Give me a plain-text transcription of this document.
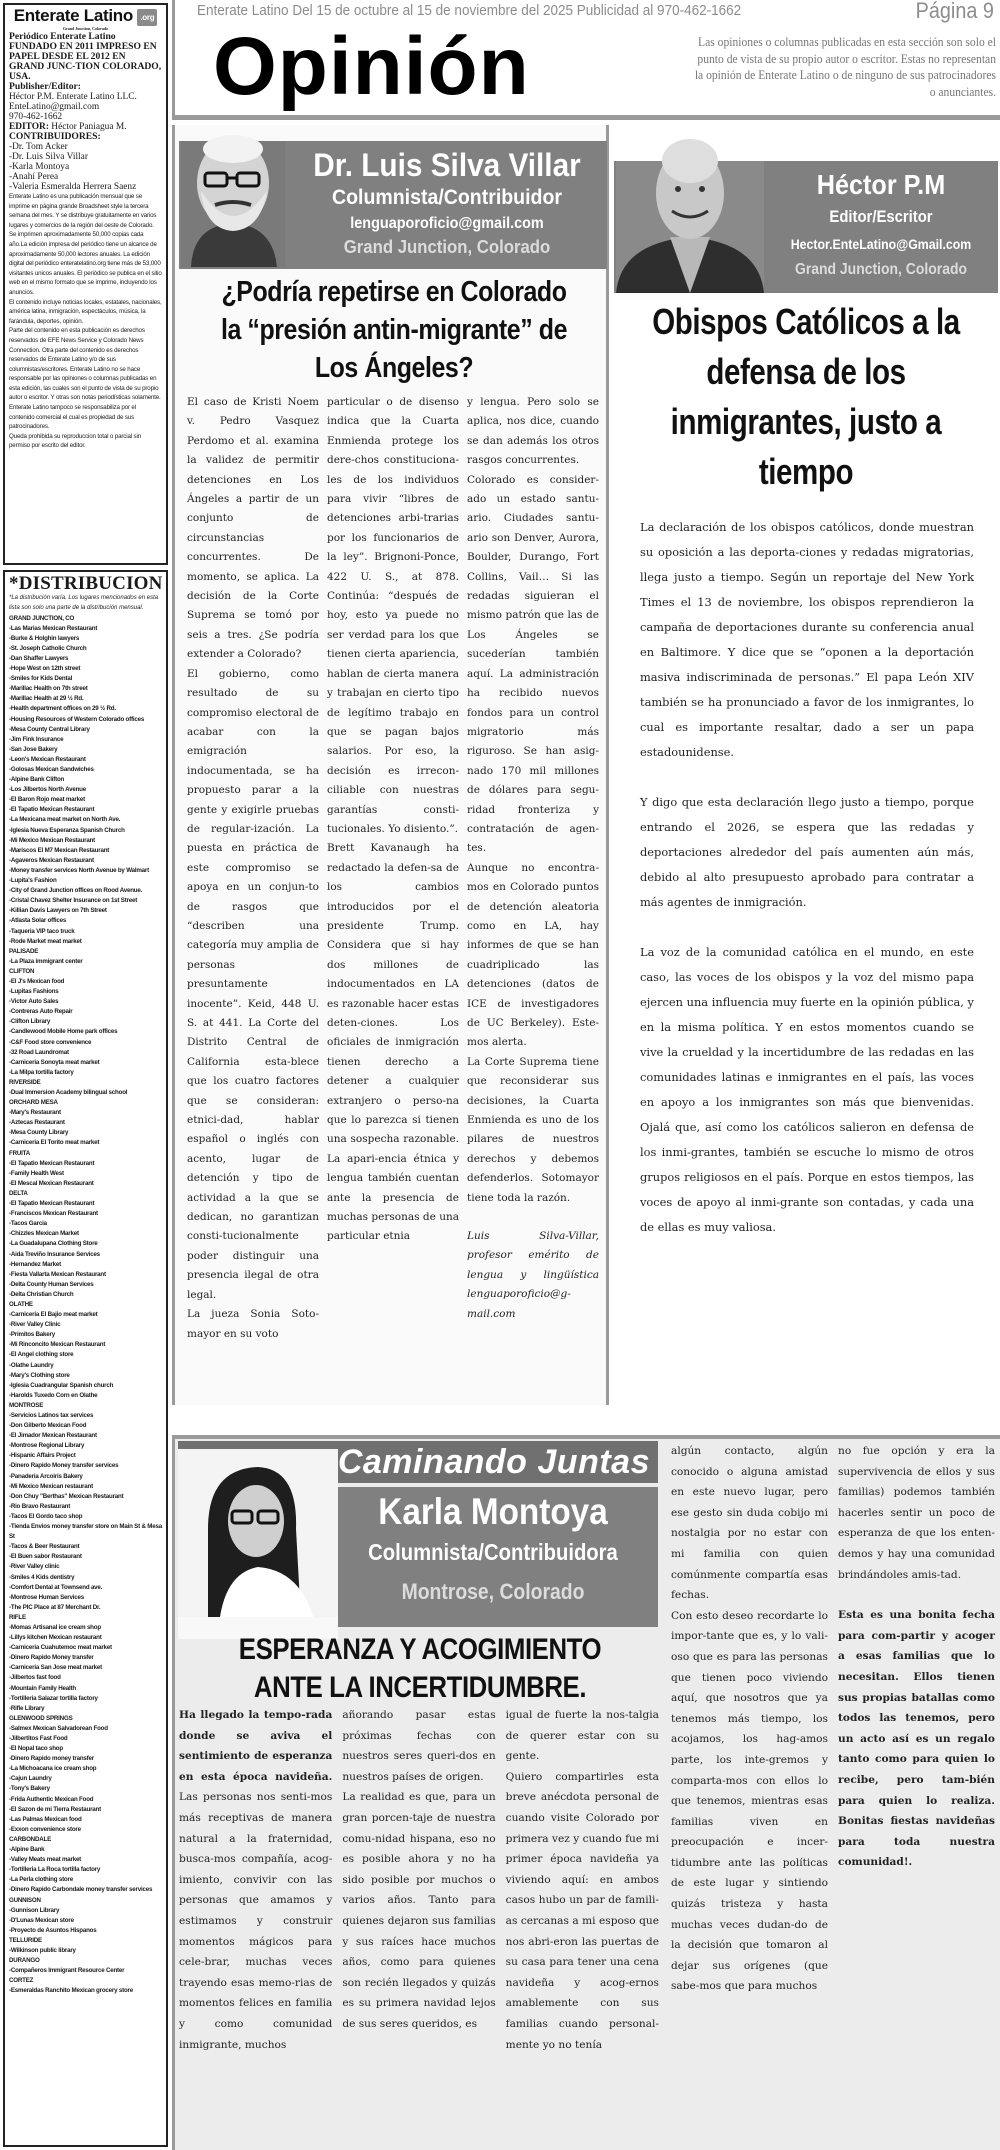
Enterate Latino .org
Grand Junction, Colorado
Periódico Enterate Latino FUNDADO EN 2011 IMPRESO EN PAPEL DESDE EL 2012 EN GRAND JUNC-TION COLORADO, USA.
Publisher/Editor:
Héctor P.M. Enterate Latino LLC.
EnteLatino@gmail.com
970-462-1662
EDITOR: Héctor Paniagua M.
CONTRIBUIDORES:
-Dr. Tom Acker
-Dr. Luis Silva Villar
-Karla Montoya
-Anahí Perea
-Valeria Esmeralda Herrera Saenz
Enterate Latino es una publicación mensual que se imprime en página grande Broadsheet style la tercera semana del mes. Y se distribuye gratuitamente en varios lugares y comercios de la región del oeste de Colorado.
Se imprimen aproximadamente 50,000 copias cada año.La edición impresa del periódico tiene un alcance de aproximadamente 50,000 lectores anuales. La edición digital del periódico enteratelatino.org tiene más de 53,000 visitantes unicos anuales. El periódico se publica en el sitio web en el mismo formato que se imprime, incluyendo los anuncios.
El contenido incluye noticias locales, estatales, nacionales, américa latina, inmigración, espectáculos, música, la farándula, deportes, opinión.
Parte del contenido en esta publicación es derechos reservados de EFE News Service y Colorado News Connection. Otra parte del contenido es derechos reservados de Enterate Latino y/o de sus columnistas/escritores. Enterate Latino no se hace responsable por las opiniones o columnas publicadas en esta edición, las cuales son el punto de vista de su propio autor o escritor. Y otras son notas periodísticas solamente.
Enterate Latino tampoco se responsabiliza por el contenido comercial el cual es propiedad de sus patrocinadores.
Queda prohibida su reproduccion total o parcial sin permiso por escrito del editor.
*DISTRIBUCION
*La distribución varía. Los lugares mencionados en esta lista son solo una parte de la distribución mensual.
GRAND JUNCTION, CO
-Las Marias Mexican Restaurant
-Burke & Holghin lawyers
-St. Joseph Catholic Church
-Dan Shaffer Lawyers
-Hope West on 12th street
-Smiles for Kids Dental
-Marillac Health on 7th street
-Marillac Health at 29 ½ Rd.
-Health department offices on 29 ½ Rd.
-Housing Resources of Western Colorado offices
-Mesa County Central Library
-Jim Fink Insurance
-San Jose Bakery
-Leon's Mexican Restaurant
-Golosas Mexican Sandwiches
-Alpine Bank Clifton
-Los Jilbertos North Avenue
-El Baron Rojo meat market
-El Tapatio Mexican Restaurant
-La Mexicana meat market on North Ave.
-Iglesia Nueva Esperanza Spanish Church
-Mi Mexico Mexican Restaurant
-Mariscos El M7 Mexican Restaurant
-Agaveros Mexican Restaurant
-Money transfer services North Avenue by Walmart
-Lupita's Fashion
-City of Grand Junction offices on Rood Avenue.
-Cristal Chavez Shelter Insurance on 1st Street
-Killian Davis Lawyers on 7th Street
-Atlasta Solar offices
-Taqueria VIP taco truck
-Rode Market meat market
PALISADE
-La Plaza immigrant center
CLIFTON
-El J's Mexican food
-Lupitas Fashions
-Victor Auto Sales
-Contreras Auto Repair
-Clifton Library
-Candlewood Mobile Home park offices
-C&F Food store convenience
-32 Road Laundromat
-Carniceria Sonoyta meat market
-La Milpa tortilla factory
RIVERSIDE
-Dual Immersion Academy bilingual school
ORCHARD MESA
-Mary's Restaurant
-Aztecas Restaurant
-Mesa County Library
-Carniceria El Torito meat market
FRUITA
-El Tapatio Mexican Restaurant
-Family Health West
-El Mescal Mexican Restaurant
DELTA
-El Tapatio Mexican Restaurant
-Franciscos Mexican Restaurant
-Tacos Garcia
-Chizzles Mexican Market
-La Guadalupana Clothing Store
-Aida Treviño Insurance Services
-Hernandez Market
-Fiesta Vallarta Mexican Restaurant
-Delta County Human Services
-Delta Christian Church
OLATHE
-Carniceria El Bajio meat market
-River Valley Clinic
-Primitos Bakery
-Mi Rinconcito Mexican Restaurant
-El Angel clothing store
-Olathe Laundry
-Mary's Clothing store
-Iglesia Cuadrangular Spanish church
-Harolds Tuxedo Corn en Olathe
MONTROSE
-Servicios Latinos tax services
-Don Gilberto Mexican Food
-El Jimador Mexican Restaurant
-Montrose Regional Library
-Hispanic Affairs Project
-Dinero Rapido Money transfer services
-Panaderia Arcoiris Bakery
-Mi Mexico Mexican restaurant
-Don Chuy "Berthas" Mexican Restaurant
-Rio Bravo Restaurant
-Tacos El Gordo taco shop
-Tienda Envios money transfer store on Main St & Mesa St
-Tacos & Beer Restaurant
-El Buen sabor Restaurant
-River Valley clinic
-Smiles 4 Kids dentistry
-Comfort Dental at Townsend ave.
-Montrose Human Services
-The PIC Place at 87 Merchant Dr.
RIFLE
-Momas Artisanal ice cream shop
-Lillys kitchen Mexican restaurant
-Carniceria Cuahutemoc meat market
-Dinero Rapido Money transfer
-Carniceria San Jose meat market
-Jilbertos fast food
-Mountain Family Health
-Tortilleria Salazar tortilla factory
-Rifle Library
GLENWOOD SPRINGS
-Salmex Mexican Salvadorean Food
-Jilbertitos Fast Food
-El Nopal taco shop
-Dinero Rapido money transfer
-La Michoacana ice cream shop
-Cajun Laundry
-Tony's Bakery
-Frida Authentic Mexican Food
-El Sazon de mi Tierra Restaurant
-Las Palmas Mexican food
-Exxon convenience store
CARBONDALE
-Alpine Bank
-Valley Meats meat market
-Tortilleria La Roca tortilla factory
-La Perla clothing store
-Dinero Rapido Carbondale money transfer services
GUNNISON
-Gunnison Library
-D'Lunas Mexican store
-Proyecto de Asuntos Hispanos
TELLURIDE
-Wilkinson public library
DURANGO
-Compañeros Immigrant Resource Center
CORTEZ
-Esmeraldas Ranchito Mexican grocery store
Enterate Latino Del 15 de octubre al 15 de noviembre del 2025 Publicidad al 970-462-1662	Página 9
Opinión	Las opiniones o columnas publicadas en esta sección son solo el punto de vista de su propio autor o escritor. Estas no representan la opinión de Enterate Latino o de ninguno de sus patrocinadores o anunciantes.
Dr. Luis Silva Villar
Columnista/Contribuidor
lenguaporoficio@gmail.com
Grand Junction, Colorado
¿Podría repetirse en Colorado la “presión antin-migrante” de Los Ángeles?

El caso de Kristi Noem v. Pedro Vasquez Perdomo et al. examina la validez de permitir detenciones en Los Ángeles a partir de un conjunto de circunstancias concurrentes. De momento, se aplica. La decisión de la Corte Suprema se tomó por seis a tres. ¿Se podría extender a Colorado?

El gobierno, como resultado de su compromiso electoral de acabar con la emigración indocumentada, se ha propuesto parar a la gente y exigirle pruebas de regular-ización. La puesta en práctica de este compromiso se apoya en un conjun-to de rasgos que “describen una categoría muy amplia de personas presuntamente inocente”. Keid, 448 U. S. at 441. La Corte del Distrito Central de California esta-blece que los cuatro factores que se consideran: etnici-dad, hablar español o inglés con acento, lugar de detención y tipo de actividad a la que se dedican, no garantizan consti-tucionalmente poder distinguir una presencia ilegal de otra legal.

La jueza Sonia Soto-mayor en su voto

particular o de disenso indica que la Cuarta Enmienda protege los dere-chos constituciona-les de los individuos para vivir “libres de detenciones arbi-trarias por los funcionarios de la ley”. Brignoni-Ponce, 422 U. S., at 878. Continúa: “después de hoy, esto ya puede no ser verdad para los que tienen cierta apariencia, hablan de cierta manera y trabajan en cierto tipo de legítimo trabajo en que se pagan bajos salarios. Por eso, la decisión es irrecon-ciliable con nuestras garantías consti-tucionales. Yo disiento.”.

Brett Kavanaugh ha redactado la defen-sa de los cambios introducidos por el presidente Trump. Considera que si hay dos millones de indocumentados en LA es razonable hacer estas deten-ciones. Los oficiales de inmigración tienen derecho a detener a cualquier extranjero o perso-na que lo parezca si tienen una sospecha razonable. La apari-encia étnica y lengua también cuentan ante la presencia de muchas personas de una particular etnia

y lengua. Pero solo se aplica, nos dice, cuando se dan además los otros rasgos concurrentes.

Colorado es consider-ado un estado santu-ario. Ciudades santu-ario son Denver, Aurora, Boulder, Durango, Fort Collins, Vail… Si las redadas siguieran el mismo patrón que las de Los Ángeles se sucederían también aquí. La administración ha recibido nuevos fondos para un control migratorio más riguroso. Se han asig-nado 170 mil millones de dólares para segu-ridad fronteriza y contratación de agen-tes.

Aunque no encontra-mos en Colorado puntos de detención aleatoria como en LA, hay informes de que se han cuadriplicado las detenciones (datos de ICE de investigadores de UC Berkeley). Este-mos alerta.

La Corte Suprema tiene que reconsiderar sus decisiones, la Cuarta Enmienda es uno de los pilares de nuestros derechos y debemos defenderlos. Sotomayor tiene toda la razón.

Luis Silva-Villar, profesor emérito de lengua y lingüística lenguaporoficio@g-mail.com

Héctor P.M
Editor/Escritor
Hector.EnteLatino@Gmail.com
Grand Junction, Colorado
Obispos Católicos a la defensa de los inmigrantes, justo a tiempo

La declaración de los obispos católicos, donde muestran su oposición a las deporta-ciones y redadas migratorias, llega justo a tiempo. Según un reportaje del New York Times el 13 de noviembre, los obispos reprendieron la campaña de deportaciones durante su conferencia anual en Baltimore. Y dice que se “oponen a la deportación masiva indiscriminada de personas.” El papa León XIV también se ha pronunciado a favor de los inmigrantes, lo cual es importante resaltar, dado a ser un papa estadounidense.

Y digo que esta declaración llego justo a tiempo, porque entrando el 2026, se espera que las redadas y deportaciones alrededor del país aumenten aún más, debido al alto presupuesto aprobado para contratar a más agentes de inmigración.

La voz de la comunidad católica en el mundo, en este caso, las voces de los obispos y la voz del mismo papa ejercen una influencia muy fuerte en la opinión pública, y en la misma política. Y en estos momentos cuando se vive la crueldad y la incertidumbre de las redadas en las comunidades latinas e inmigrantes en el país, las voces en apoyo a los inmigrantes son más que bienvenidas. Ojalá que, así como los católicos salieron en defensa de los inmi-grantes, también se escuche lo mismo de otros grupos religiosos en el país. Porque en estos tiempos, las voces de apoyo al inmi-grante son contadas, y cada una de ellas es muy valiosa.

Caminando Juntas
Karla Montoya
Columnista/Contribuidora
Montrose, Colorado
ESPERANZA Y ACOGIMIENTO ANTE LA INCERTIDUMBRE.

Ha llegado la tempo-rada donde se aviva el sentimiento de esperanza en esta época navideña. Las personas nos senti-mos más receptivas de manera natural a la fraternidad, busca-mos compañía, acog-imiento, convivir con las personas que amamos y estimamos y construir momentos mágicos para cele-brar, muchas veces trayendo esas memo-rias de momentos felices en familia y como comunidad inmigrante, muchos

añorando pasar estas próximas fechas con nuestros seres queri-dos en nuestros países de origen.

La realidad es que, para un gran porcen-taje de nuestra comu-nidad hispana, eso no es posible ahora y no ha sido posible por muchos o varios años. Tanto para quienes dejaron sus familias y sus raíces hace muchos años, como para quienes son recién llegados y quizás es su primera navidad lejos de sus seres queridos, es

igual de fuerte la nos-talgia de querer estar con su gente.

Quiero compartirles esta breve anécdota personal de cuando visite Colorado por primera vez y cuando fue mi primer época navideña ya viviendo aquí: en ambos casos hubo un par de famili-as cercanas a mi esposo que nos abri-eron las puertas de su casa para tener una cena navideña y acog-ernos amablemente con sus familias cuando personal-mente yo no tenía

algún contacto, algún conocido o alguna amistad en este nuevo lugar, pero ese gesto sin duda cobijo mi nostalgia por no estar con mi familia con quien comúnmente compartía esas fechas.

Con esto deseo recordarte lo impor-tante que es, y lo vali-oso que es para las personas que tienen poco viviendo aquí, que nosotros que ya tenemos más tiempo, los acojamos, los hag-amos parte, los inte-gremos y comparta-mos con ellos lo que tenemos, mientras esas familias viven en preocupación e incer-tidumbre ante las políticas de este lugar y sintiendo quizás tristeza y hasta muchas veces dudan-do de la decisión que tomaron al dejar sus orígenes (que sabe-mos que para muchos

no fue opción y era la supervivencia de ellos y sus familias) podemos también hacerles sentir un poco de esperanza de que los enten-demos y hay una comunidad brindándoles amis-tad.

Esta es una bonita fecha para com-partir y acoger a esas familias que lo necesitan. Ellos tienen sus propias batallas como todos las tenemos, pero un acto así es un regalo tanto como para quien lo recibe, pero tam-bién para quien lo realiza. Bonitas fiestas navideñas para toda nuestra comunidad!.
